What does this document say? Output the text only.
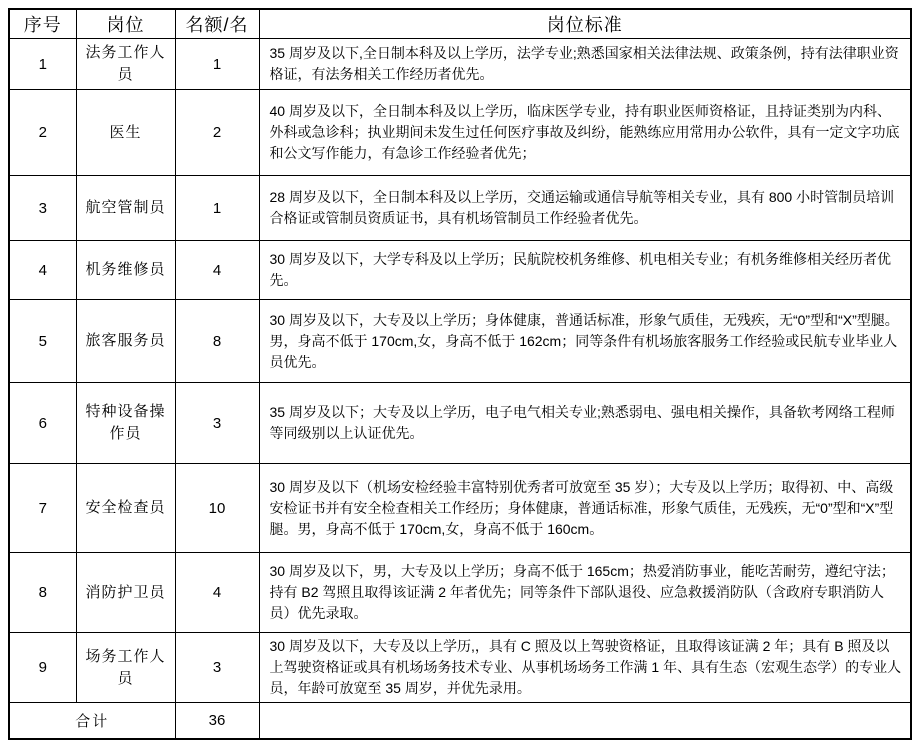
序号	岗位	名额/名	岗位标准
1	法务工作人员	1	35 周岁及以下,全日制本科及以上学历，法学专业;熟悉国家相关法律法规、政策条例，持有法律职业资格证，有法务相关工作经历者优先。
2	医生	2	40 周岁及以下，全日制本科及以上学历，临床医学专业，持有职业医师资格证，且持证类别为内科、外科或急诊科；执业期间未发生过任何医疗事故及纠纷，能熟练应用常用办公软件，具有一定文字功底和公文写作能力，有急诊工作经验者优先；
3	航空管制员	1	28 周岁及以下，全日制本科及以上学历，交通运输或通信导航等相关专业，具有 800 小时管制员培训合格证或管制员资质证书，具有机场管制员工作经验者优先。
4	机务维修员	4	30 周岁及以下，大学专科及以上学历；民航院校机务维修、机电相关专业；有机务维修相关经历者优先。
5	旅客服务员	8	30 周岁及以下，大专及以上学历；身体健康，普通话标准，形象气质佳，无残疾，无“0”型和“X”型腿。男，身高不低于 170cm,女，身高不低于 162cm；同等条件有机场旅客服务工作经验或民航专业毕业人员优先。
6	特种设备操作员	3	35 周岁及以下；大专及以上学历，电子电气相关专业;熟悉弱电、强电相关操作，具备软考网络工程师等同级别以上认证优先。
7	安全检查员	10	30 周岁及以下（机场安检经验丰富特别优秀者可放宽至 35 岁）；大专及以上学历；取得初、中、高级安检证书并有安全检查相关工作经历；身体健康，普通话标准，形象气质佳，无残疾，无“0”型和“X”型腿。男，身高不低于 170cm,女，身高不低于 160cm。
8	消防护卫员	4	30 周岁及以下，男，大专及以上学历；身高不低于 165cm；热爱消防事业，能吃苦耐劳，遵纪守法；持有 B2 驾照且取得该证满 2 年者优先；同等条件下部队退役、应急救援消防队（含政府专职消防人员）优先录取。
9	场务工作人员	3	30 周岁及以下，大专及以上学历,，具有 C 照及以上驾驶资格证，且取得该证满 2 年；具有 B 照及以上驾驶资格证或具有机场场务技术专业、从事机场场务工作满 1 年、具有生态（宏观生态学）的专业人员，年龄可放宽至 35 周岁，并优先录用。
合计		36	
